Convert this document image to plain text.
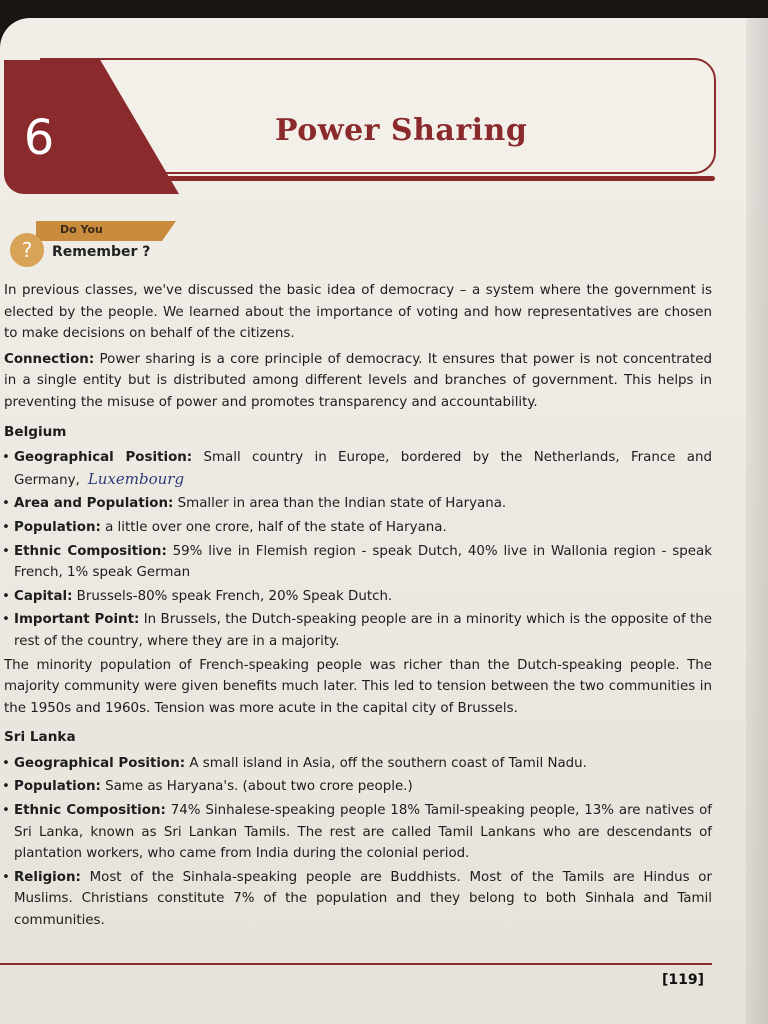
6	Power Sharing
Do You
?	Remember ?

In previous classes, we've discussed the basic idea of democracy – a system where the government is elected by the people. We learned about the importance of voting and how representatives are chosen to make decisions on behalf of the citizens.

Connection: Power sharing is a core principle of democracy. It ensures that power is not concentrated in a single entity but is distributed among different levels and branches of government. This helps in preventing the misuse of power and promotes transparency and accountability.

Belgium
• Geographical Position: Small country in Europe, bordered by the Netherlands, France and Germany, Luxembourg
• Area and Population: Smaller in area than the Indian state of Haryana.
• Population: a little over one crore, half of the state of Haryana.
• Ethnic Composition: 59% live in Flemish region - speak Dutch, 40% live in Wallonia region - speak French, 1% speak German
• Capital: Brussels-80% speak French, 20% Speak Dutch.
• Important Point: In Brussels, the Dutch-speaking people are in a minority which is the opposite of the rest of the country, where they are in a majority.

The minority population of French-speaking people was richer than the Dutch-speaking people. The majority community were given benefits much later. This led to tension between the two communities in the 1950s and 1960s. Tension was more acute in the capital city of Brussels.

Sri Lanka
• Geographical Position: A small island in Asia, off the southern coast of Tamil Nadu.
• Population: Same as Haryana's. (about two crore people.)
• Ethnic Composition: 74% Sinhalese-speaking people 18% Tamil-speaking people, 13% are natives of Sri Lanka, known as Sri Lankan Tamils. The rest are called Tamil Lankans who are descendants of plantation workers, who came from India during the colonial period.
• Religion: Most of the Sinhala-speaking people are Buddhists. Most of the Tamils are Hindus or Muslims. Christians constitute 7% of the population and they belong to both Sinhala and Tamil communities.
[119]
